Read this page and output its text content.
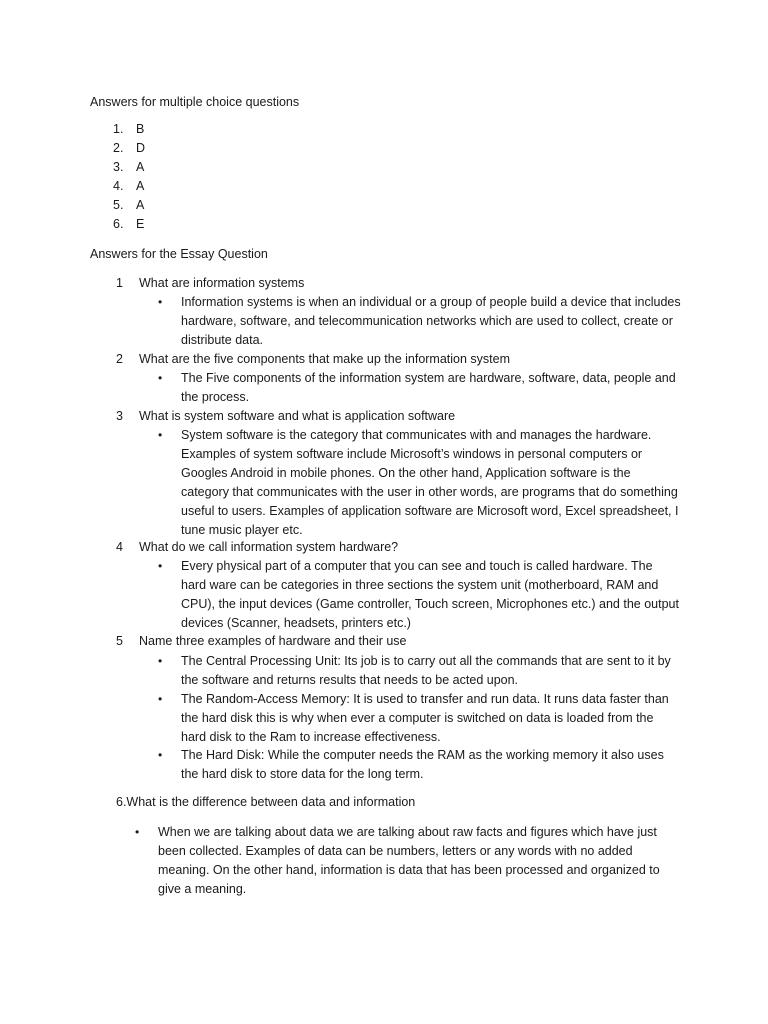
Answers for multiple choice questions
1. B
2. D
3. A
4. A
5. A
6. E
Answers for the Essay Question
1 What are information systems
• Information systems is when an individual or a group of people build a device that includes hardware, software, and telecommunication networks which are used to collect, create or distribute data.
2 What are the five components that make up the information system
• The Five components of the information system are hardware, software, data, people and the process.
3 What is system software and what is application software
• System software is the category that communicates with and manages the hardware. Examples of system software include Microsoft’s windows in personal computers or Googles Android in mobile phones. On the other hand, Application software is the category that communicates with the user in other words, are programs that do something useful to users. Examples of application software are Microsoft word, Excel spreadsheet, I tune music player etc.
4 What do we call information system hardware?
• Every physical part of a computer that you can see and touch is called hardware. The hard ware can be categories in three sections the system unit (motherboard, RAM and CPU), the input devices (Game controller, Touch screen, Microphones etc.) and the output devices (Scanner, headsets, printers etc.)
5 Name three examples of hardware and their use
• The Central Processing Unit: Its job is to carry out all the commands that are sent to it by the software and returns results that needs to be acted upon.
• The Random-Access Memory: It is used to transfer and run data. It runs data faster than the hard disk this is why when ever a computer is switched on data is loaded from the hard disk to the Ram to increase effectiveness.
• The Hard Disk: While the computer needs the RAM as the working memory it also uses the hard disk to store data for the long term.
6.What is the difference between data and information
• When we are talking about data we are talking about raw facts and figures which have just been collected. Examples of data can be numbers, letters or any words with no added meaning. On the other hand, information is data that has been processed and organized to give a meaning.
